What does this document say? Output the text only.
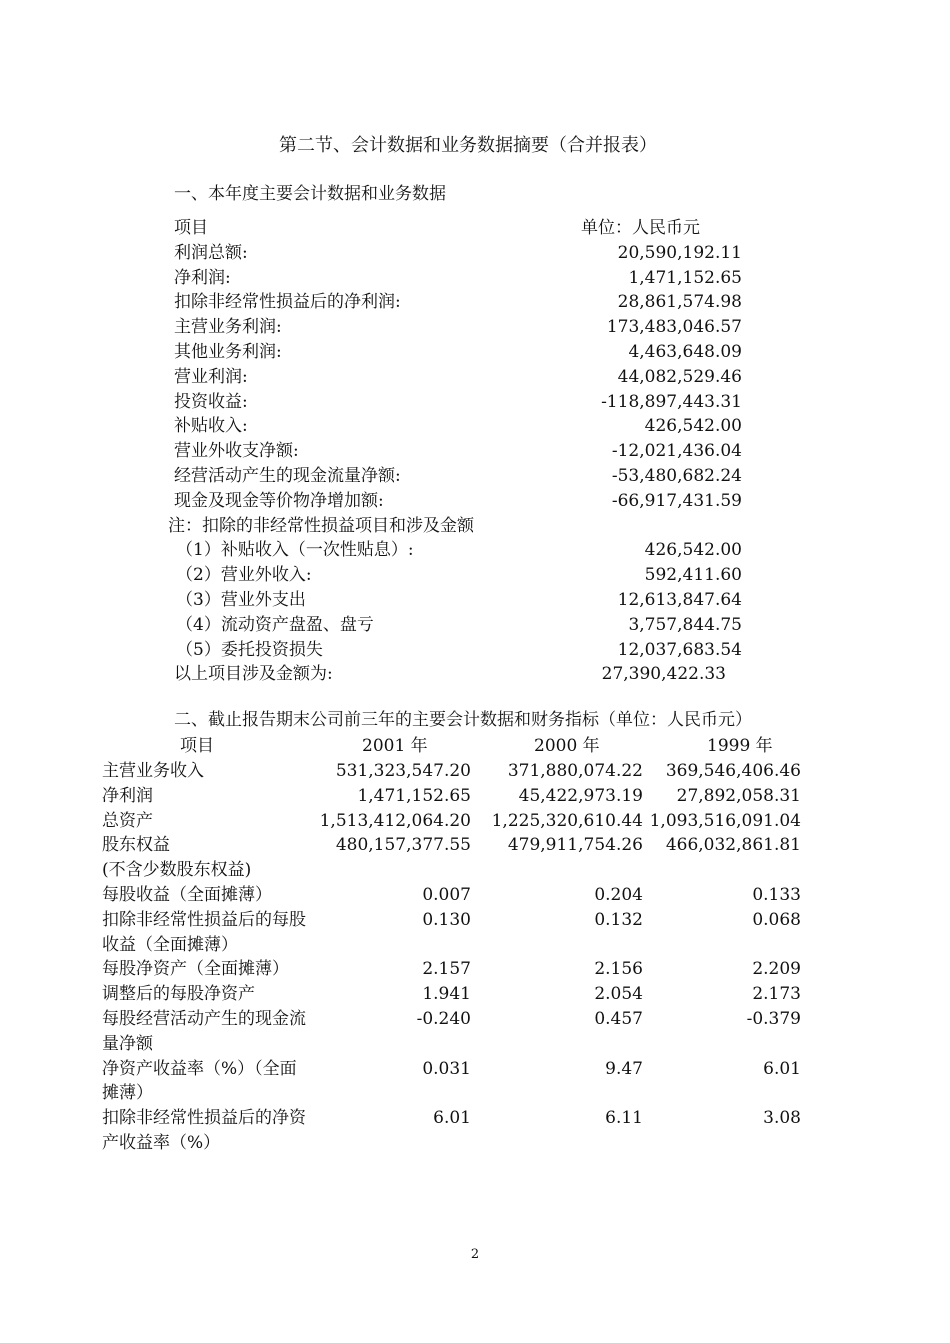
第二节、会计数据和业务数据摘要（合并报表）
一、本年度主要会计数据和业务数据
项目	单位：人民币元
利润总额:	20,590,192.11
净利润:	1,471,152.65
扣除非经常性损益后的净利润:	28,861,574.98
主营业务利润:	173,483,046.57
其他业务利润:	4,463,648.09
营业利润:	44,082,529.46
投资收益:	-118,897,443.31
补贴收入:	426,542.00
营业外收支净额:	-12,021,436.04
经营活动产生的现金流量净额:	-53,480,682.24
现金及现金等价物净增加额:	-66,917,431.59
注：扣除的非经常性损益项目和涉及金额
（1）补贴收入（一次性贴息）:	426,542.00
（2）营业外收入:	592,411.60
（3）营业外支出	12,613,847.64
（4）流动资产盘盈、盘亏	3,757,844.75
（5）委托投资损失	12,037,683.54
以上项目涉及金额为:	27,390,422.33
二、截止报告期末公司前三年的主要会计数据和财务指标（单位：人民币元）
项目	2001 年	2000 年	1999 年
主营业务收入	531,323,547.20 371,880,074.22 369,546,406.46
净利润	1,471,152.65	45,422,973.19 27,892,058.31
总资产	1,513,412,064.20 1,225,320,610.44 1,093,516,091.04
股东权益	480,157,377.55 479,911,754.26 466,032,861.81
(不含少数股东权益)
每股收益（全面摊薄）	0.007	0.204	0.133
扣除非经常性损益后的每股收益（全面摊薄）
0.130	0.132	0.068
每股净资产（全面摊薄）	2.157	2.156	2.209
调整后的每股净资产	1.941	2.054	2.173
每股经营活动产生的现金流量净额
-0.240	0.457	-0.379
净资产收益率（%）（全面摊薄）
0.031	9.47	6.01
扣除非经常性损益后的净资产收益率（%）
6.01	6.11	3.08
2
